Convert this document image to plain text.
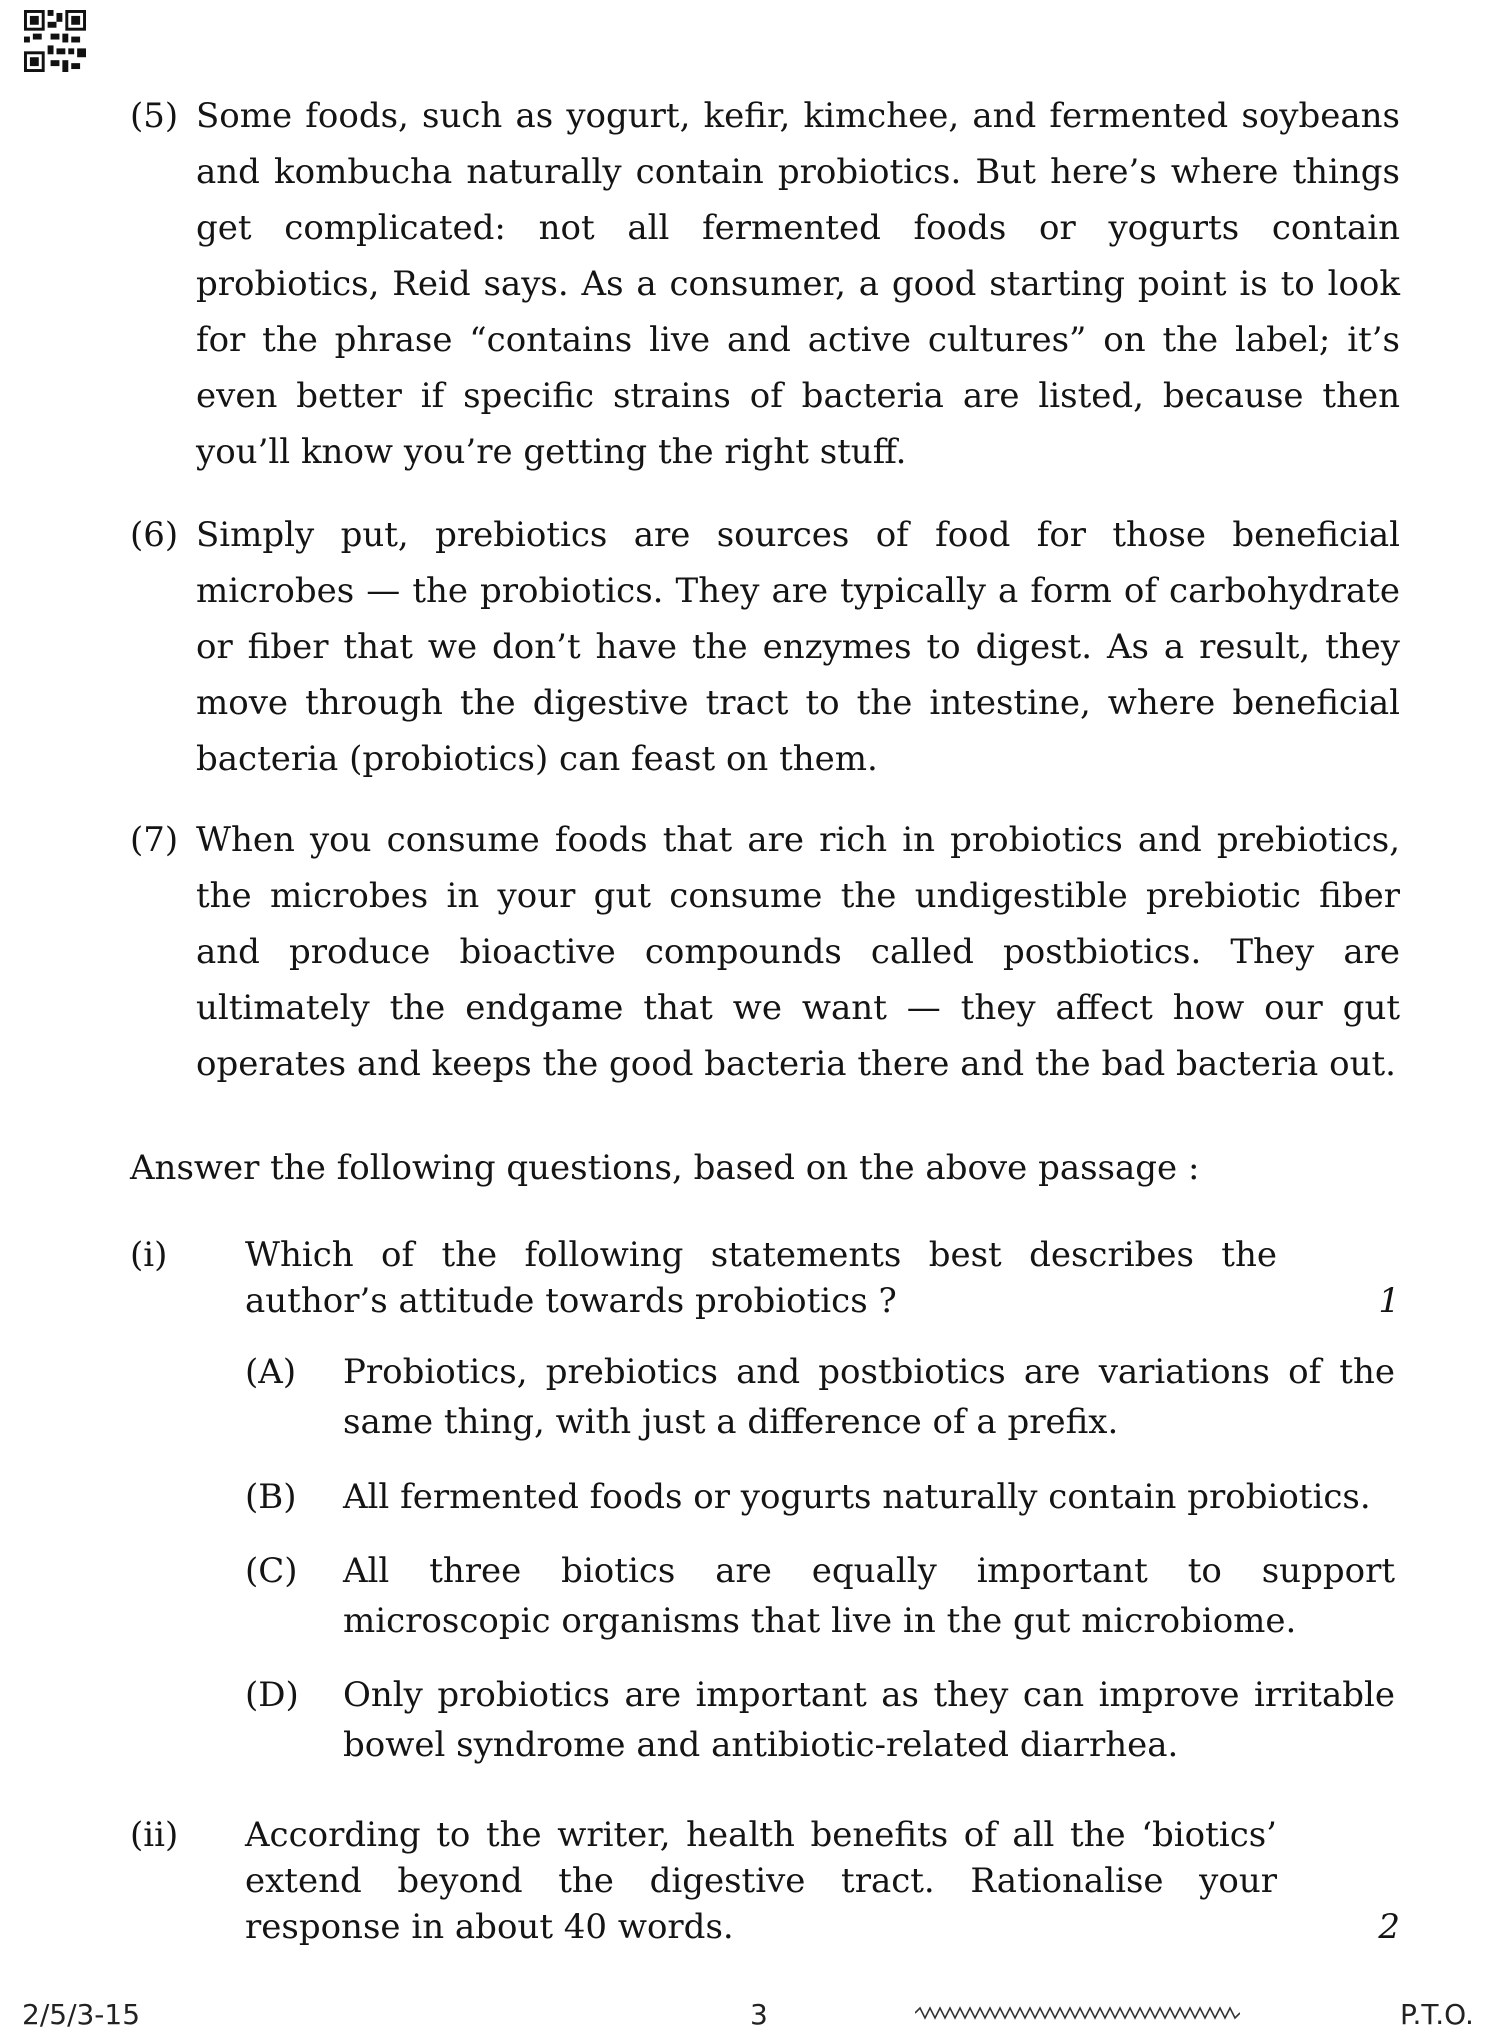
(5) Some foods, such as yogurt, kefir, kimchee, and fermented soybeans and kombucha naturally contain probiotics. But here’s where things get complicated: not all fermented foods or yogurts contain probiotics, Reid says. As a consumer, a good starting point is to look for the phrase “contains live and active cultures” on the label; it’s even better if specific strains of bacteria are listed, because then you’ll know you’re getting the right stuff.
(6) Simply put, prebiotics are sources of food for those beneficial microbes — the probiotics. They are typically a form of carbohydrate or fiber that we don’t have the enzymes to digest. As a result, they move through the digestive tract to the intestine, where beneficial bacteria (probiotics) can feast on them.
(7) When you consume foods that are rich in probiotics and prebiotics, the microbes in your gut consume the undigestible prebiotic fiber and produce bioactive compounds called postbiotics. They are ultimately the endgame that we want — they affect how our gut operates and keeps the good bacteria there and the bad bacteria out.
Answer the following questions, based on the above passage :
(i) Which of the following statements best describes the author’s attitude towards probiotics ?	1
(A) Probiotics, prebiotics and postbiotics are variations of the same thing, with just a difference of a prefix.
(B) All fermented foods or yogurts naturally contain probiotics.
(C) All three biotics are equally important to support microscopic organisms that live in the gut microbiome.
(D) Only probiotics are important as they can improve irritable bowel syndrome and antibiotic-related diarrhea.
(ii) According to the writer, health benefits of all the ‘biotics’ extend beyond the digestive tract. Rationalise your response in about 40 words.	2
2/5/3-15	3	P.T.O.
